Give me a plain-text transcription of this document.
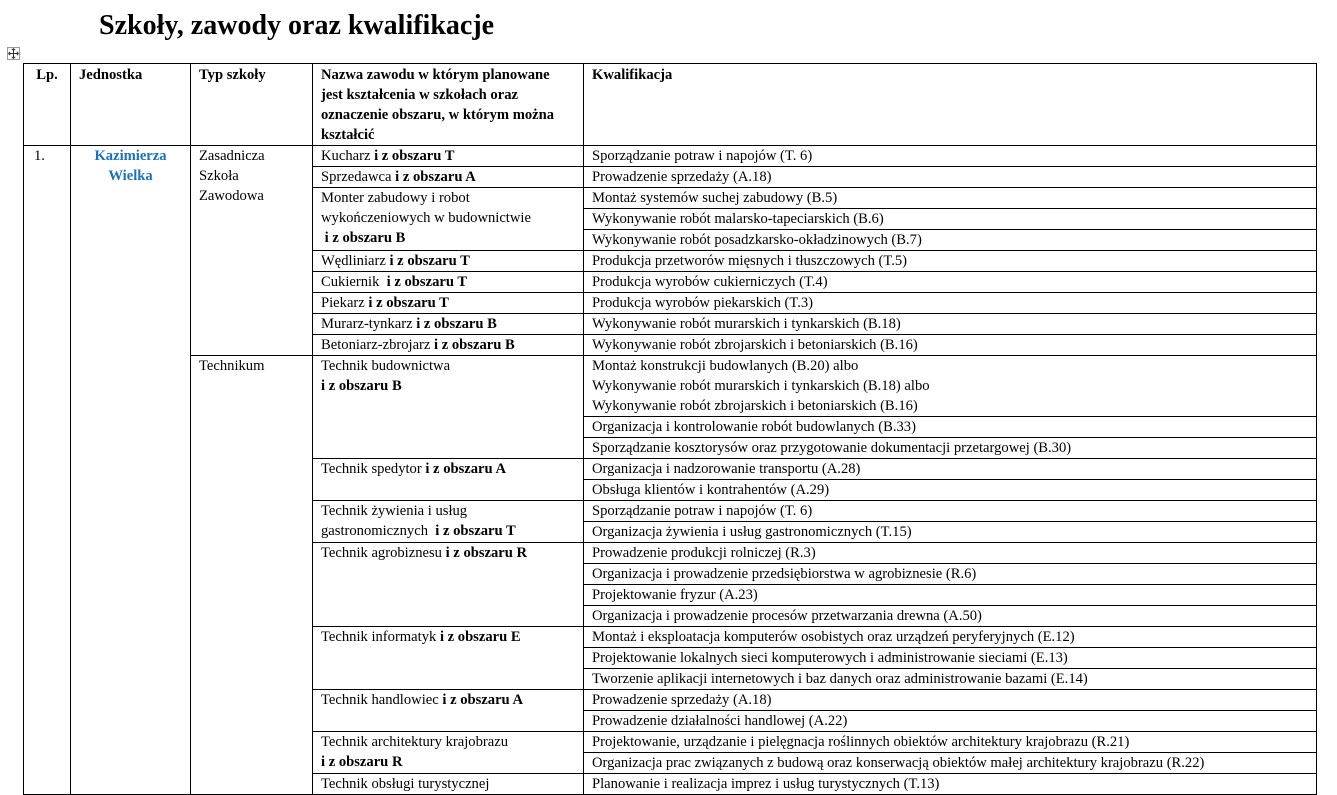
Szkoły, zawody oraz kwalifikacje
Lp.	Jednostka	Typ szkoły	Nazwa zawodu w którym planowane jest kształcenia w szkołach oraz oznaczenie obszaru, w którym można kształcić	Kwalifikacja
1.	Kazimierza Wielka	Zasadnicza Szkoła Zawodowa	Kucharz i z obszaru T	Sporządzanie potraw i napojów (T. 6)
			Sprzedawca i z obszaru A	Prowadzenie sprzedaży (A.18)

			Monter zabudowy i robot
wykończeniowych w budownictwie
i z obszaru B	Montaż systemów suchej zabudowy (B.5)
				Wykonywanie robót malarsko-tapeciarskich (B.6)
				Wykonywanie robót posadzkarsko-okładzinowych (B.7)
			Wędliniarz i z obszaru T	Produkcja przetworów mięsnych i tłuszczowych (T.5)
			Cukiernik  i z obszaru T	Produkcja wyrobów cukierniczych (T.4)
			Piekarz i z obszaru T	Produkcja wyrobów piekarskich (T.3)
			Murarz-tynkarz i z obszaru B	Wykonywanie robót murarskich i tynkarskich (B.18)
			Betoniarz-zbrojarz i z obszaru B	Wykonywanie robót zbrojarskich i betoniarskich (B.16)
		Technikum	Technik budownictwa
i z obszaru B	Montaż konstrukcji budowlanych (B.20) albo
Wykonywanie robót murarskich i tynkarskich (B.18) albo
Wykonywanie robót zbrojarskich i betoniarskich (B.16)

				Organizacja i kontrolowanie robót budowlanych (B.33)
				Sporządzanie kosztorysów oraz przygotowanie dokumentacji przetargowej (B.30)
			Technik spedytor i z obszaru A	Organizacja i nadzorowanie transportu (A.28)
				Obsługa klientów i kontrahentów (A.29)

			Technik żywienia i usług
gastronomicznych  i z obszaru T	Sporządzanie potraw i napojów (T. 6)
				Organizacja żywienia i usług gastronomicznych (T.15)
			Technik agrobiznesu i z obszaru R	Prowadzenie produkcji rolniczej (R.3)
				Organizacja i prowadzenie przedsiębiorstwa w agrobiznesie (R.6)
				Projektowanie fryzur (A.23)
				Organizacja i prowadzenie procesów przetwarzania drewna (A.50)
			Technik informatyk i z obszaru E	Montaż i eksploatacja komputerów osobistych oraz urządzeń peryferyjnych (E.12)
				Projektowanie lokalnych sieci komputerowych i administrowanie sieciami (E.13)
				Tworzenie aplikacji internetowych i baz danych oraz administrowanie bazami (E.14)
			Technik handlowiec i z obszaru A	Prowadzenie sprzedaży (A.18)
				Prowadzenie działalności handlowej (A.22)

			Technik architektury krajobrazu
i z obszaru R	Projektowanie, urządzanie i pielęgnacja roślinnych obiektów architektury krajobrazu (R.21)
				Organizacja prac związanych z budową oraz konserwacją obiektów małej architektury krajobrazu (R.22)
			Technik obsługi turystycznej	Planowanie i realizacja imprez i usług turystycznych (T.13)
